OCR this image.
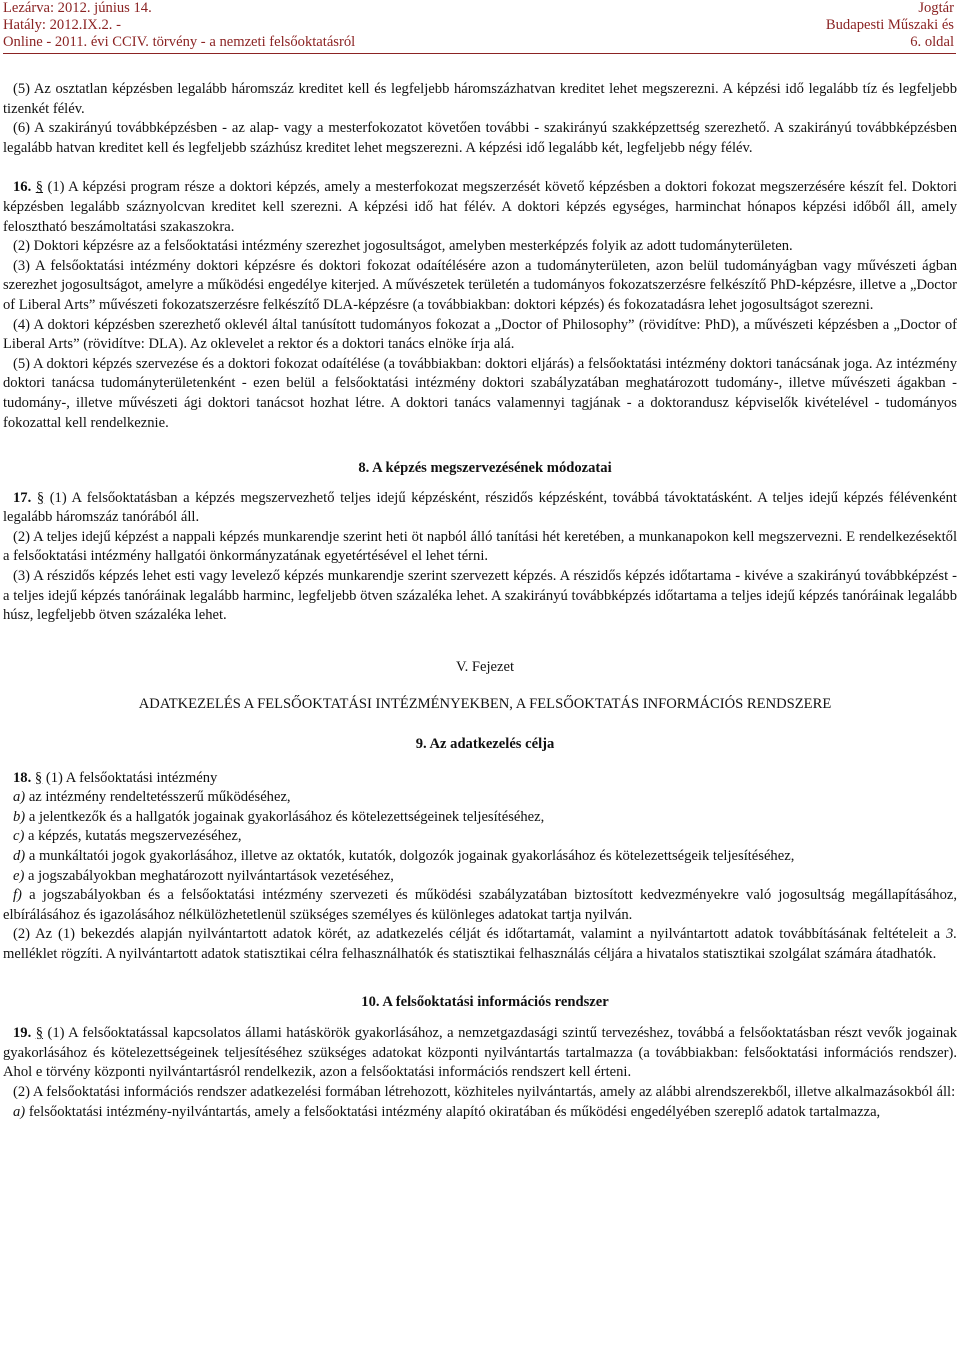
Lezárva: 2012. június 14.
Hatály: 2012.IX.2. -
Online - 2011. évi CCIV. törvény - a nemzeti felsőoktatásról
Jogtár
Budapesti Műszaki és
6. oldal

(5) Az osztatlan képzésben legalább háromszáz kreditet kell és legfeljebb háromszázhatvan kreditet lehet megszerezni. A képzési idő legalább tíz és legfeljebb tizenkét félév.

(6) A szakirányú továbbképzésben - az alap- vagy a mesterfokozatot követően további - szakirányú szakképzettség szerezhető. A szakirányú továbbképzésben legalább hatvan kreditet kell és legfeljebb százhúsz kreditet lehet megszerezni. A képzési idő legalább két, legfeljebb négy félév.

16. § (1) A képzési program része a doktori képzés, amely a mesterfokozat megszerzését követő képzésben a doktori fokozat megszerzésére készít fel. Doktori képzésben legalább száznyolcvan kreditet kell szerezni. A képzési idő hat félév. A doktori képzés egységes, harminchat hónapos képzési időből áll, amely felosztható beszámoltatási szakaszokra.

(2) Doktori képzésre az a felsőoktatási intézmény szerezhet jogosultságot, amelyben mesterképzés folyik az adott tudományterületen.

(3) A felsőoktatási intézmény doktori képzésre és doktori fokozat odaítélésére azon a tudományterületen, azon belül tudományágban vagy művészeti ágban szerezhet jogosultságot, amelyre a működési engedélye kiterjed. A művészetek területén a tudományos fokozatszerzésre felkészítő PhD-képzésre, illetve a „Doctor of Liberal Arts” művészeti fokozatszerzésre felkészítő DLA-képzésre (a továbbiakban: doktori képzés) és fokozatadásra lehet jogosultságot szerezni.

(4) A doktori képzésben szerezhető oklevél által tanúsított tudományos fokozat a „Doctor of Philosophy” (rövidítve: PhD), a művészeti képzésben a „Doctor of Liberal Arts” (rövidítve: DLA). Az oklevelet a rektor és a doktori tanács elnöke írja alá.

(5) A doktori képzés szervezése és a doktori fokozat odaítélése (a továbbiakban: doktori eljárás) a felsőoktatási intézmény doktori tanácsának joga. Az intézmény doktori tanácsa tudományterületenként - ezen belül a felsőoktatási intézmény doktori szabályzatában meghatározott tudomány-, illetve művészeti ágakban - tudomány-, illetve művészeti ági doktori tanácsot hozhat létre. A doktori tanács valamennyi tagjának - a doktorandusz képviselők kivételével - tudományos fokozattal kell rendelkeznie.

8. A képzés megszervezésének módozatai

17. § (1) A felsőoktatásban a képzés megszervezhető teljes idejű képzésként, részidős képzésként, továbbá távoktatásként. A teljes idejű képzés félévenként legalább háromszáz tanórából áll.

(2) A teljes idejű képzést a nappali képzés munkarendje szerint heti öt napból álló tanítási hét keretében, a munkanapokon kell megszervezni. E rendelkezésektől a felsőoktatási intézmény hallgatói önkormányzatának egyetértésével el lehet térni.

(3) A részidős képzés lehet esti vagy levelező képzés munkarendje szerint szervezett képzés. A részidős képzés időtartama - kivéve a szakirányú továbbképzést - a teljes idejű képzés tanóráinak legalább harminc, legfeljebb ötven százaléka lehet. A szakirányú továbbképzés időtartama a teljes idejű képzés tanóráinak legalább húsz, legfeljebb ötven százaléka lehet.

V. Fejezet

ADATKEZELÉS A FELSŐOKTATÁSI INTÉZMÉNYEKBEN, A FELSŐOKTATÁS INFORMÁCIÓS RENDSZERE

9. Az adatkezelés célja

18. § (1) A felsőoktatási intézmény

a) az intézmény rendeltetésszerű működéséhez,

b) a jelentkezők és a hallgatók jogainak gyakorlásához és kötelezettségeinek teljesítéséhez,

c) a képzés, kutatás megszervezéséhez,

d) a munkáltatói jogok gyakorlásához, illetve az oktatók, kutatók, dolgozók jogainak gyakorlásához és kötelezettségeik teljesítéséhez,

e) a jogszabályokban meghatározott nyilvántartások vezetéséhez,

f) a jogszabályokban és a felsőoktatási intézmény szervezeti és működési szabályzatában biztosított kedvezményekre való jogosultság megállapításához, elbírálásához és igazolásához nélkülözhetetlenül szükséges személyes és különleges adatokat tartja nyilván.

(2) Az (1) bekezdés alapján nyilvántartott adatok körét, az adatkezelés célját és időtartamát, valamint a nyilvántartott adatok továbbításának feltételeit a 3. melléklet rögzíti. A nyilvántartott adatok statisztikai célra felhasználhatók és statisztikai felhasználás céljára a hivatalos statisztikai szolgálat számára átadhatók.

10. A felsőoktatási információs rendszer

19. § (1) A felsőoktatással kapcsolatos állami hatáskörök gyakorlásához, a nemzetgazdasági szintű tervezéshez, továbbá a felsőoktatásban részt vevők jogainak gyakorlásához és kötelezettségeinek teljesítéséhez szükséges adatokat központi nyilvántartás tartalmazza (a továbbiakban: felsőoktatási információs rendszer). Ahol e törvény központi nyilvántartásról rendelkezik, azon a felsőoktatási információs rendszert kell érteni.

(2) A felsőoktatási információs rendszer adatkezelési formában létrehozott, közhiteles nyilvántartás, amely az alábbi alrendszerekből, illetve alkalmazásokból áll:

a) felsőoktatási intézmény-nyilvántartás, amely a felsőoktatási intézmény alapító okiratában és működési engedélyében szereplő adatok tartalmazza,
